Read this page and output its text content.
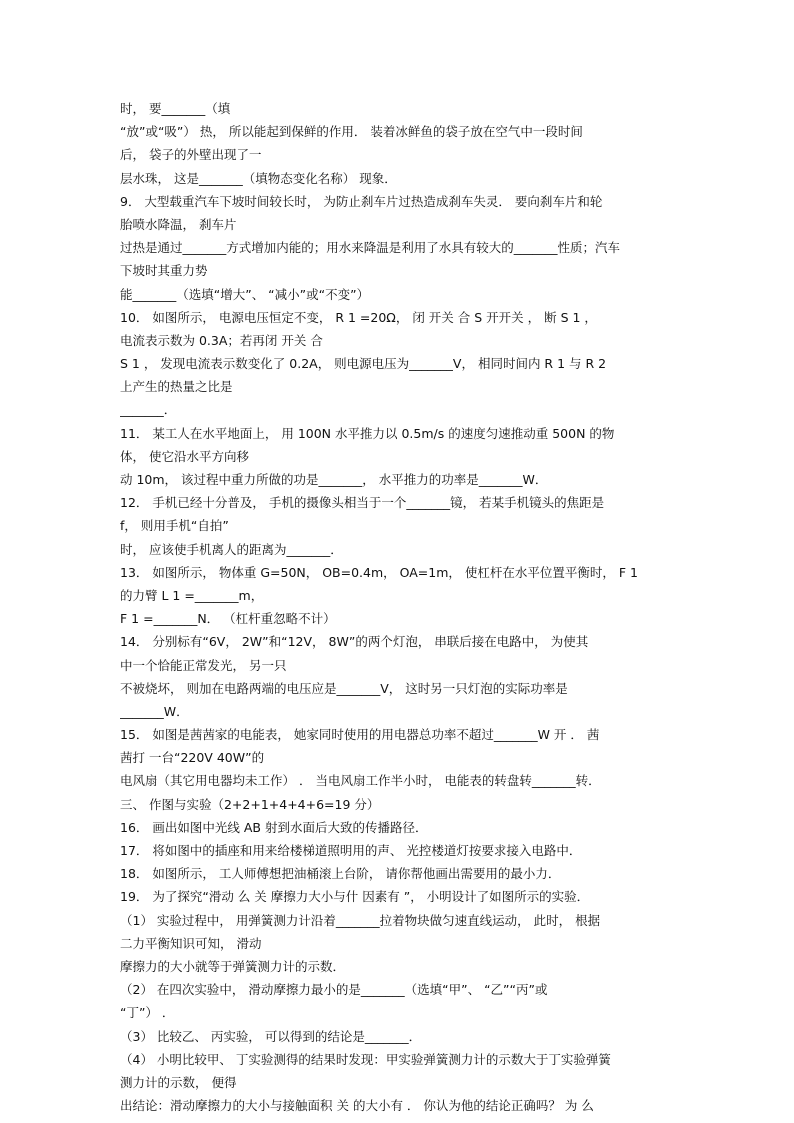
时， 要_______（填
“放”或“吸”） 热， 所以能起到保鲜的作用． 装着冰鲜鱼的袋子放在空气中一段时间
后， 袋子的外壁出现了一
层水珠， 这是_______（填物态变化名称） 现象．
9． 大型载重汽车下坡时间较长时， 为防止刹车片过热造成刹车失灵． 要向刹车片和轮
胎喷水降温， 刹车片
过热是通过_______方式增加内能的；用水来降温是利用了水具有较大的_______性质；汽车
下坡时其重力势
能_______（选填“增大”、 “减小”或“不变”）
10． 如图所示， 电源电压恒定不变， R 1 =20Ω， 闭 开关 合 S 开开关 ， 断 S 1 ，
电流表示数为 0.3A；若再闭 开关 合
S 1 ， 发现电流表示数变化了 0.2A， 则电源电压为_______V， 相同时间内 R 1 与 R 2
上产生的热量之比是
_______．
11． 某工人在水平地面上， 用 100N 水平推力以 0.5m/s 的速度匀速推动重 500N 的物
体， 使它沿水平方向移
动 10m， 该过程中重力所做的功是_______， 水平推力的功率是_______W．
12． 手机已经十分普及， 手机的摄像头相当于一个_______镜， 若某手机镜头的焦距是
f， 则用手机“自拍”
时， 应该使手机离人的距离为_______．
13． 如图所示， 物体重 G=50N， OB=0.4m， OA=1m， 使杠杆在水平位置平衡时， F 1
的力臂 L 1 =_______m，
F 1 =_______N． （杠杆重忽略不计）
14． 分别标有“6V， 2W”和“12V， 8W”的两个灯泡， 串联后接在电路中， 为使其
中一个恰能正常发光， 另一只
不被烧坏， 则加在电路两端的电压应是_______V， 这时另一只灯泡的实际功率是
_______W．
15． 如图是茜茜家的电能表， 她家同时使用的用电器总功率不超过_______W 开 ． 茜
茜打 一台“220V 40W”的
电风扇（其它用电器均未工作） ． 当电风扇工作半小时， 电能表的转盘转_______转．
三、 作图与实验（2+2+1+4+4+6=19 分）
16． 画出如图中光线 AB 射到水面后大致的传播路径．
17． 将如图中的插座和用来给楼梯道照明用的声、 光控楼道灯按要求接入电路中．
18． 如图所示， 工人师傅想把油桶滚上台阶， 请你帮他画出需要用的最小力．
19． 为了探究“滑动 么 关 摩擦力大小与什 因素有 ”， 小明设计了如图所示的实验．
（1） 实验过程中， 用弹簧测力计沿着_______拉着物块做匀速直线运动， 此时， 根据
二力平衡知识可知， 滑动
摩擦力的大小就等于弹簧测力计的示数．
（2） 在四次实验中， 滑动摩擦力最小的是_______（选填“甲”、 “乙”“丙”或
“丁”） ．
（3） 比较乙、 丙实验， 可以得到的结论是_______．
（4） 小明比较甲、 丁实验测得的结果时发现：甲实验弹簧测力计的示数大于丁实验弹簧
测力计的示数， 便得
出结论：滑动摩擦力的大小与接触面积 关 的大小有 ． 你认为他的结论正确吗？ 为 么
